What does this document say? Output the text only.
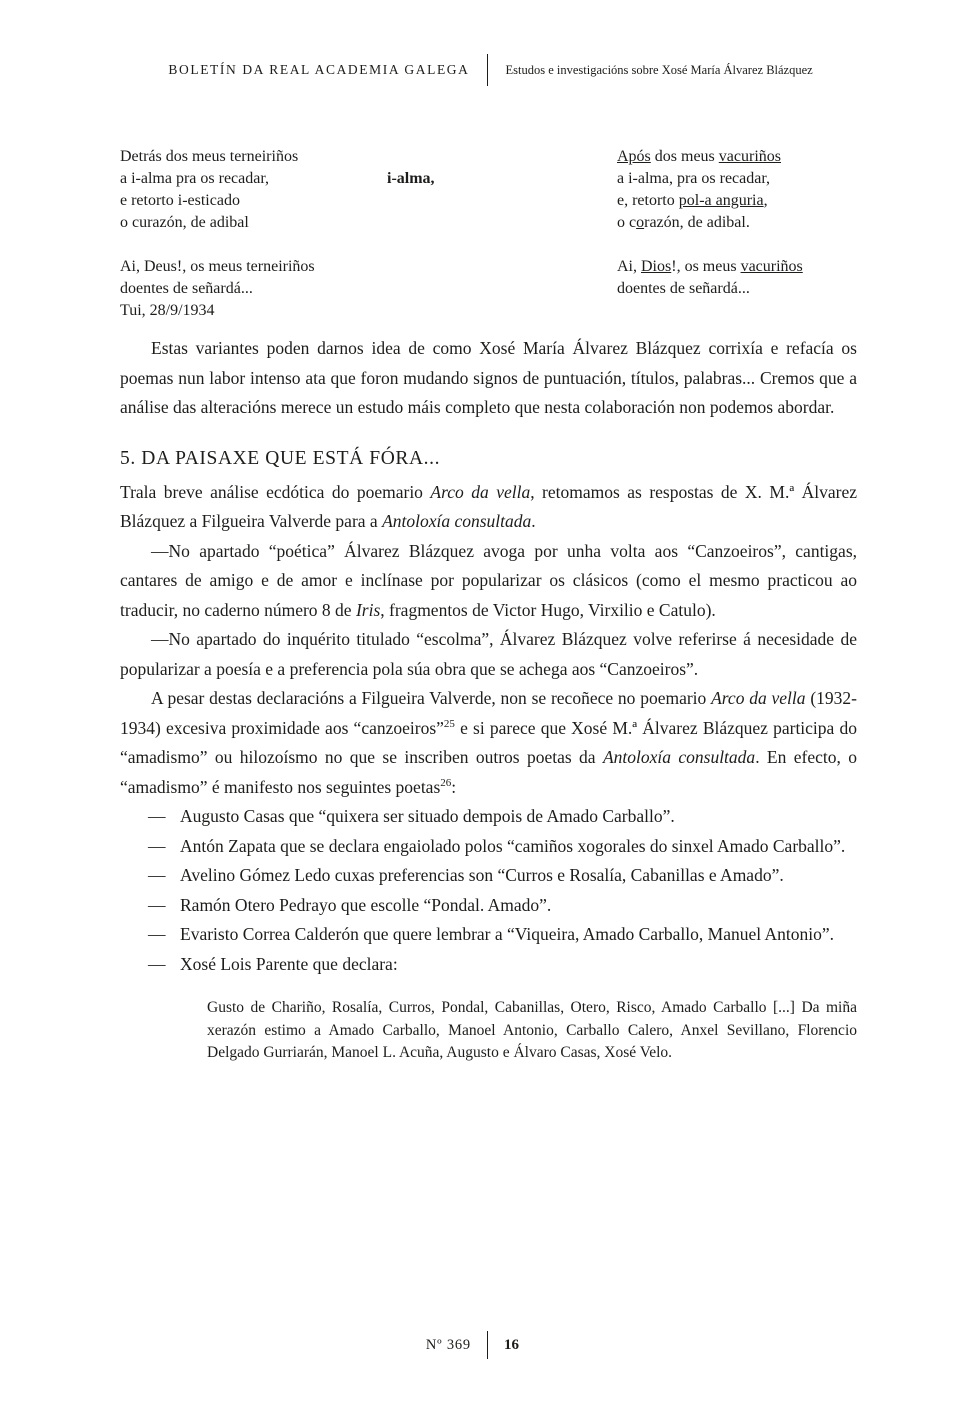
BOLETÍN DA REAL ACADEMIA GALEGA	Estudos e investigacións sobre Xosé María Álvarez Blázquez
Detrás dos meus terneiriños
a i-alma pra os recadar,
e retorto i-esticado
o curazón, de adibal

Ai, Deus!, os meus terneiriños
doentes de señardá...
Tui, 28/9/1934
i-alma,
Após dos meus vacuriños
a i-alma, pra os recadar,
e, retorto pol-a anguria,
o corazón, de adibal.

Ai, Dios!, os meus vacuriños
doentes de señardá...

Estas variantes poden darnos idea de como Xosé María Álvarez Blázquez corrixía e refacía os poemas nun labor intenso ata que foron mudando signos de puntuación, títulos, palabras... Cremos que a análise das alteracións merece un estudo máis completo que nesta colaboración non podemos abordar.

5. DA PAISAXE QUE ESTÁ FÓRA...

Trala breve análise ecdótica do poemario Arco da vella, retomamos as respostas de X. M.ª Álvarez Blázquez a Filgueira Valverde para a Antoloxía consultada.

—No apartado “poética” Álvarez Blázquez avoga por unha volta aos “Canzoeiros”, cantigas, cantares de amigo e de amor e inclínase por popularizar os clásicos (como el mesmo practicou ao traducir, no caderno número 8 de Iris, fragmentos de Victor Hugo, Virxilio e Catulo).

—No apartado do inquérito titulado “escolma”, Álvarez Blázquez volve referirse á necesidade de popularizar a poesía e a preferencia pola súa obra que se achega aos “Canzoeiros”.

A pesar destas declaracións a Filgueira Valverde, non se recoñece no poemario Arco da vella (1932-1934) excesiva proximidade aos “canzoeiros”$^{25}$ e si parece que Xosé M.ª Álvarez Blázquez participa do “amadismo” ou hilozoísmo no que se inscriben outros poetas da Antoloxía consultada. En efecto, o “amadismo” é manifesto nos seguintes poetas$^{26}$:

— Augusto Casas que “quixera ser situado dempois de Amado Carballo”.
— Antón Zapata que se declara engaiolado polos “camiños xogorales do sinxel Amado Carballo”.
— Avelino Gómez Ledo cuxas preferencias son “Curros e Rosalía, Cabanillas e Amado”.
— Ramón Otero Pedrayo que escolle “Pondal. Amado”.
— Evaristo Correa Calderón que quere lembrar a “Viqueira, Amado Carballo, Manuel Antonio”.
— Xosé Lois Parente que declara:
Gusto de Chariño, Rosalía, Curros, Pondal, Cabanillas, Otero, Risco, Amado Carballo [...] Da miña xerazón estimo a Amado Carballo, Manoel Antonio, Carballo Calero, Anxel Sevillano, Florencio Delgado Gurriarán, Manoel L. Acuña, Augusto e Álvaro Casas, Xosé Velo.
Nº 369	16
